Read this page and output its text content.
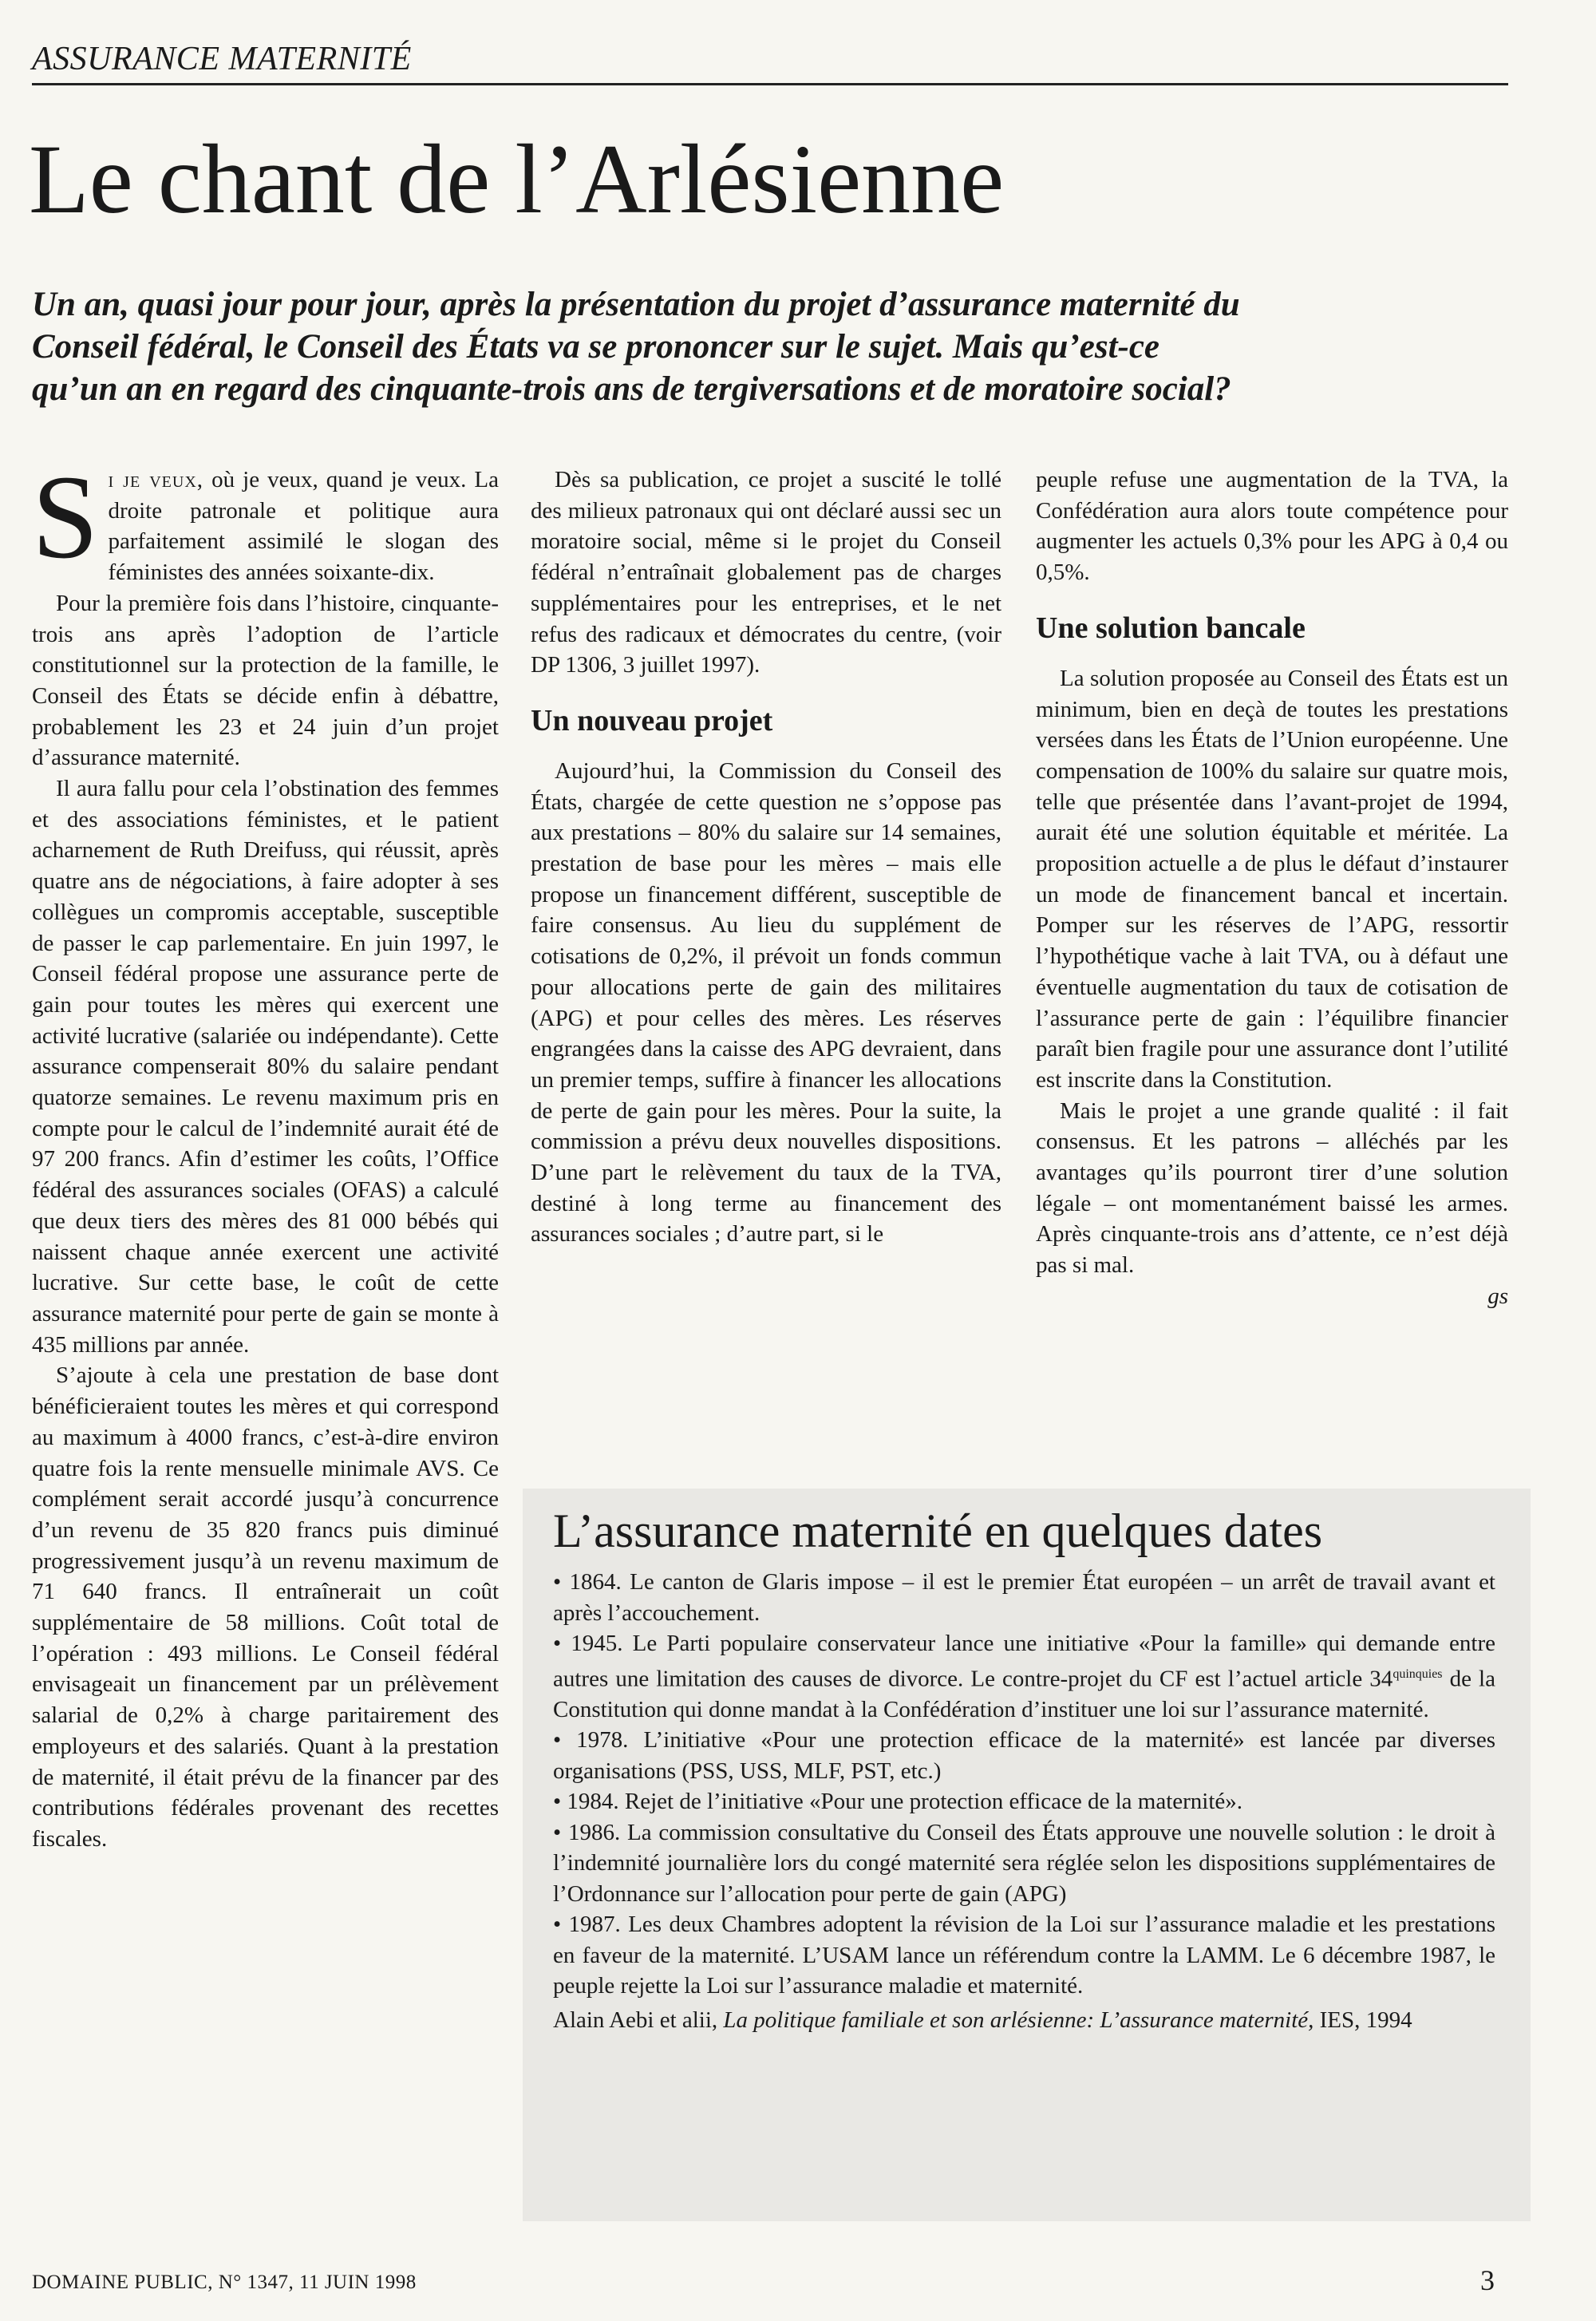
ASSURANCE MATERNITÉ
Le chant de l’Arlésienne
Un an, quasi jour pour jour, après la présentation du projet d’assurance maternité du Conseil fédéral, le Conseil des États va se prononcer sur le sujet. Mais qu’est-ce qu’un an en regard des cinquante-trois ans de tergiversations et de moratoire social?

Si je veux, où je veux, quand je veux. La droite patronale et politique aura parfaitement assimilé le slogan des féministes des années soixante-dix.

Pour la première fois dans l’histoire, cinquante-trois ans après l’adoption de l’article constitutionnel sur la protection de la famille, le Conseil des États se décide enfin à débattre, probablement les 23 et 24 juin d’un projet d’assurance maternité.

Il aura fallu pour cela l’obstination des femmes et des associations féministes, et le patient acharnement de Ruth Dreifuss, qui réussit, après quatre ans de négociations, à faire adopter à ses collègues un compromis acceptable, susceptible de passer le cap parlementaire. En juin 1997, le Conseil fédéral propose une assurance perte de gain pour toutes les mères qui exercent une activité lucrative (salariée ou indépendante). Cette assurance compenserait 80% du salaire pendant quatorze semaines. Le revenu maximum pris en compte pour le calcul de l’indemnité aurait été de 97 200 francs. Afin d’estimer les coûts, l’Office fédéral des assurances sociales (OFAS) a calculé que deux tiers des mères des 81 000 bébés qui naissent chaque année exercent une activité lucrative. Sur cette base, le coût de cette assurance maternité pour perte de gain se monte à 435 millions par année.

S’ajoute à cela une prestation de base dont bénéficieraient toutes les mères et qui correspond au maximum à 4000 francs, c’est-à-dire environ quatre fois la rente mensuelle minimale AVS. Ce complément serait accordé jusqu’à concurrence d’un revenu de 35 820 francs puis diminué progressivement jusqu’à un revenu maximum de 71 640 francs. Il entraînerait un coût supplémentaire de 58 millions. Coût total de l’opération : 493 millions. Le Conseil fédéral envisageait un financement par un prélèvement salarial de 0,2% à charge paritairement des employeurs et des salariés. Quant à la prestation de maternité, il était prévu de la financer par des contributions fédérales provenant des recettes fiscales.

Dès sa publication, ce projet a suscité le tollé des milieux patronaux qui ont déclaré aussi sec un moratoire social, même si le projet du Conseil fédéral n’entraînait globalement pas de charges supplémentaires pour les entreprises, et le net refus des radicaux et démocrates du centre, (voir DP 1306, 3 juillet 1997).

Un nouveau projet

Aujourd’hui, la Commission du Conseil des États, chargée de cette question ne s’oppose pas aux prestations – 80% du salaire sur 14 semaines, prestation de base pour les mères – mais elle propose un financement différent, susceptible de faire consensus. Au lieu du supplément de cotisations de 0,2%, il prévoit un fonds commun pour allocations perte de gain des militaires (APG) et pour celles des mères. Les réserves engrangées dans la caisse des APG devraient, dans un premier temps, suffire à financer les allocations de perte de gain pour les mères. Pour la suite, la commission a prévu deux nouvelles dispositions. D’une part le relèvement du taux de la TVA, destiné à long terme au financement des assurances sociales ; d’autre part, si le

peuple refuse une augmentation de la TVA, la Confédération aura alors toute compétence pour augmenter les actuels 0,3% pour les APG à 0,4 ou 0,5%.

Une solution bancale

La solution proposée au Conseil des États est un minimum, bien en deçà de toutes les prestations versées dans les États de l’Union européenne. Une compensation de 100% du salaire sur quatre mois, telle que présentée dans l’avant-projet de 1994, aurait été une solution équitable et méritée. La proposition actuelle a de plus le défaut d’instaurer un mode de financement bancal et incertain. Pomper sur les réserves de l’APG, ressortir l’hypothétique vache à lait TVA, ou à défaut une éventuelle augmentation du taux de cotisation de l’assurance perte de gain : l’équilibre financier paraît bien fragile pour une assurance dont l’utilité est inscrite dans la Constitution.

Mais le projet a une grande qualité : il fait consensus. Et les patrons – alléchés par les avantages qu’ils pourront tirer d’une solution légale – ont momentanément baissé les armes. Après cinquante-trois ans d’attente, ce n’est déjà pas si mal.

gs
L’assurance maternité en quelques dates

• 1864. Le canton de Glaris impose – il est le premier État européen – un arrêt de travail avant et après l’accouchement.

• 1945. Le Parti populaire conservateur lance une initiative «Pour la famille» qui demande entre autres une limitation des causes de divorce. Le contre-projet du CF est l’actuel article $34^{quinquies}$ de la Constitution qui donne mandat à la Confédération d’instituer une loi sur l’assurance maternité.

• 1978. L’initiative «Pour une protection efficace de la maternité» est lancée par diverses organisations (PSS, USS, MLF, PST, etc.)

• 1984. Rejet de l’initiative «Pour une protection efficace de la maternité».

• 1986. La commission consultative du Conseil des États approuve une nouvelle solution : le droit à l’indemnité journalière lors du congé maternité sera réglée selon les dispositions supplémentaires de l’Ordonnance sur l’allocation pour perte de gain (APG)

• 1987. Les deux Chambres adoptent la révision de la Loi sur l’assurance maladie et les prestations en faveur de la maternité. L’USAM lance un référendum contre la LAMM. Le 6 décembre 1987, le peuple rejette la Loi sur l’assurance maladie et maternité.

Alain Aebi et alii, La politique familiale et son arlésienne: L’assurance maternité, IES, 1994
DOMAINE PUBLIC, N° 1347, 11 JUIN 1998	3
